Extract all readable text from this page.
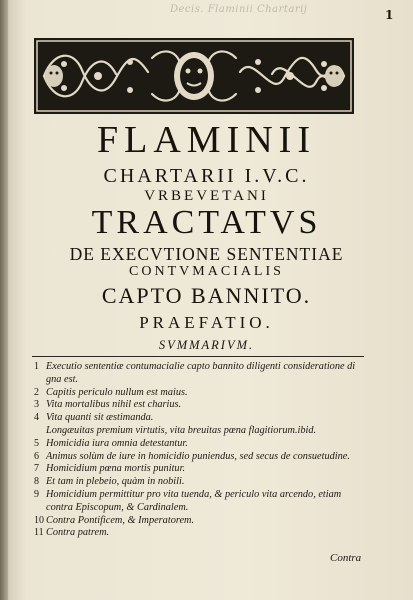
Decis. Flaminii Chartarij	1
FLAMINII
CHARTARII I.V.C.
VRBEVETANI
TRACTATVS
DE EXECVTIONE SENTENTIAE
CONTVMACIALIS
CAPTO BANNITO.
PRAEFATIO.
SVMMARIVM.
1 Executio sententiæ contumacialie capto bannito diligenti consideratione di
gna est.
2 Capitis periculo nullum est maius.
3 Vita mortalibus nihil est charius.
4 Vita quanti sit æstimanda.
Longæuitas premium virtutis, vita breuitas pœna flagitiorum.ibid.
5 Homicidia iura omnia detestantur.
6 Animus solùm de iure in homicidio puniendus, sed secus de consuetudine.
7 Homicidium pœna mortis punitur.
8 Et tam in plebeio, quàm in nobili.
9 Homicidium permittitur pro vita tuenda, & periculo vita arcendo, etiam
contra Episcopum, & Cardinalem.
10 Contra Pontificem, & Imperatorem.
11 Contra patrem.
Contra
